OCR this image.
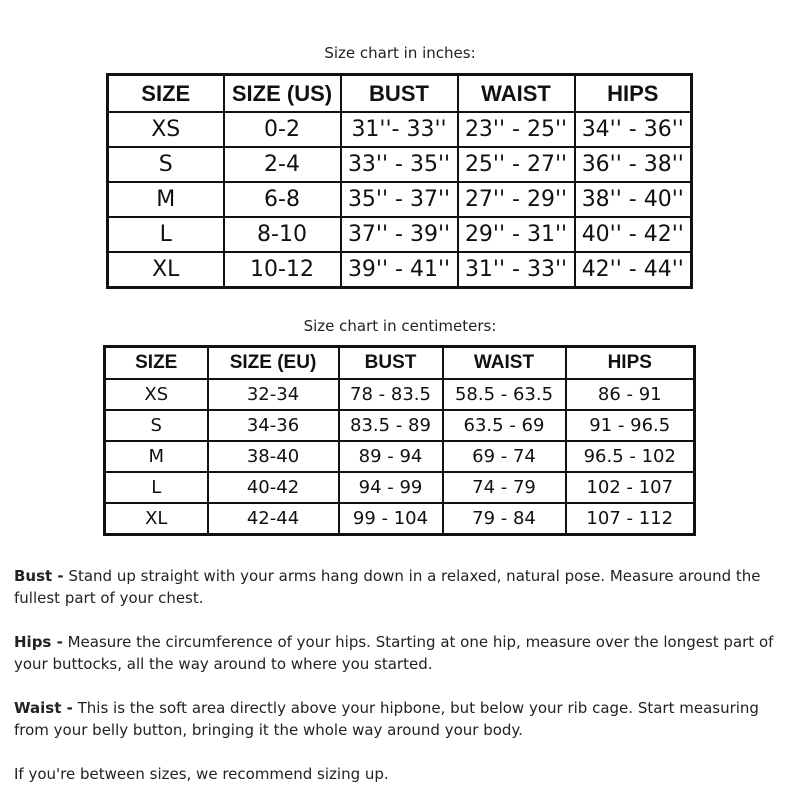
Size chart in inches:
SIZE	SIZE (US)	BUST	WAIST	HIPS
XS	0-2	31''- 33''	23'' - 25''	34'' - 36''
S	2-4	33'' - 35''	25'' - 27''	36'' - 38''
M	6-8	35'' - 37''	27'' - 29''	38'' - 40''
L	8-10	37'' - 39''	29'' - 31''	40'' - 42''
XL	10-12	39'' - 41''	31'' - 33''	42'' - 44''
Size chart in centimeters:
SIZE	SIZE (EU)	BUST	WAIST	HIPS
XS	32-34	78 - 83.5	58.5 - 63.5	86 - 91
S	34-36	83.5 - 89	63.5 - 69	91 - 96.5
M	38-40	89 - 94	69 - 74	96.5 - 102
L	40-42	94 - 99	74 - 79	102 - 107
XL	42-44	99 - 104	79 - 84	107 - 112

Bust - Stand up straight with your arms hang down in a relaxed, natural pose. Measure around the fullest part of your chest.

Hips - Measure the circumference of your hips. Starting at one hip, measure over the longest part of your buttocks, all the way around to where you started.

Waist - This is the soft area directly above your hipbone, but below your rib cage. Start measuring from your belly button, bringing it the whole way around your body.

If you're between sizes, we recommend sizing up.
